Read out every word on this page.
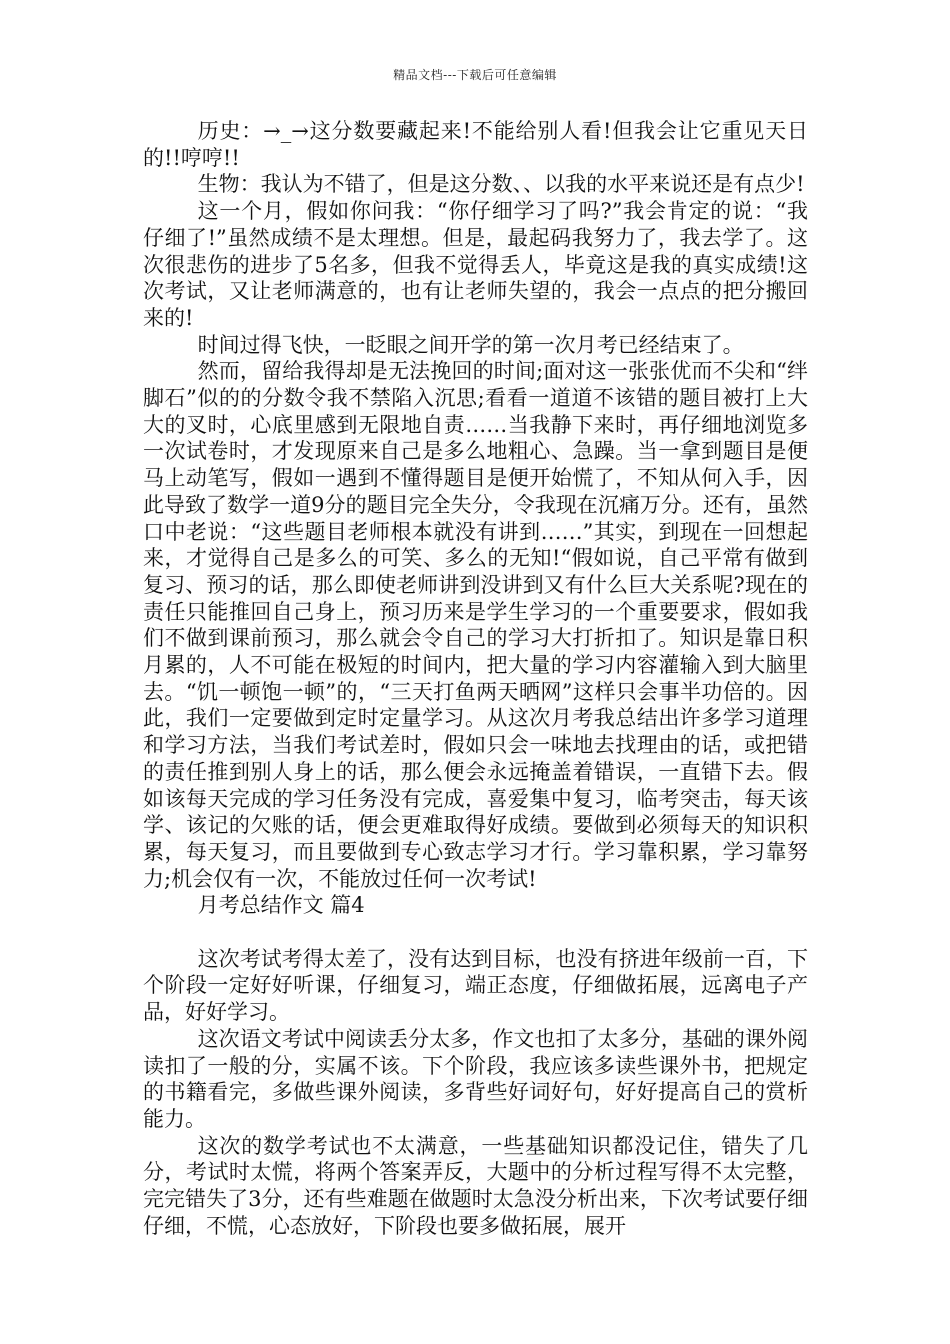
精品文档---下载后可任意编辑

历史：→_→这分数要藏起来!不能给别人看!但我会让它重见天日的!!哼哼!!

生物：我认为不错了，但是这分数、、以我的水平来说还是有点少!

这一个月，假如你问我：“你仔细学习了吗?”我会肯定的说：“我仔细了!”虽然成绩不是太理想。但是，最起码我努力了，我去学了。这次很悲伤的进步了5名多，但我不觉得丢人，毕竟这是我的真实成绩!这次考试，又让老师满意的，也有让老师失望的，我会一点点的把分搬回来的!

时间过得飞快，一眨眼之间开学的第一次月考已经结束了。

然而，留给我得却是无法挽回的时间;面对这一张张优而不尖和“绊脚石”似的的分数令我不禁陷入沉思;看看一道道不该错的题目被打上大大的叉时，心底里感到无限地自责……当我静下来时，再仔细地浏览多一次试卷时，才发现原来自己是多么地粗心、急躁。当一拿到题目是便马上动笔写，假如一遇到不懂得题目是便开始慌了，不知从何入手，因此导致了数学一道9分的题目完全失分，令我现在沉痛万分。还有，虽然口中老说：“这些题目老师根本就没有讲到……”其实，到现在一回想起来，才觉得自己是多么的可笑、多么的无知!“假如说，自己平常有做到复习、预习的话，那么即使老师讲到没讲到又有什么巨大关系呢?现在的责任只能推回自己身上，预习历来是学生学习的一个重要要求，假如我们不做到课前预习，那么就会令自己的学习大打折扣了。知识是靠日积月累的，人不可能在极短的时间内，把大量的学习内容灌输入到大脑里去。“饥一顿饱一顿”的，“三天打鱼两天晒网”这样只会事半功倍的。因此，我们一定要做到定时定量学习。从这次月考我总结出许多学习道理和学习方法，当我们考试差时，假如只会一味地去找理由的话，或把错的责任推到别人身上的话，那么便会永远掩盖着错误，一直错下去。假如该每天完成的学习任务没有完成，喜爱集中复习，临考突击，每天该学、该记的欠账的话，便会更难取得好成绩。要做到必须每天的知识积累，每天复习，而且要做到专心致志学习才行。学习靠积累，学习靠努力;机会仅有一次，不能放过任何一次考试!

月考总结作文 篇4

这次考试考得太差了，没有达到目标，也没有挤进年级前一百，下个阶段一定好好听课，仔细复习，端正态度，仔细做拓展，远离电子产品，好好学习。

这次语文考试中阅读丢分太多，作文也扣了太多分，基础的课外阅读扣了一般的分，实属不该。下个阶段，我应该多读些课外书，把规定的书籍看完，多做些课外阅读，多背些好词好句，好好提高自己的赏析能力。

这次的数学考试也不太满意，一些基础知识都没记住，错失了几分，考试时太慌，将两个答案弄反，大题中的分析过程写得不太完整，完完错失了3分，还有些难题在做题时太急没分析出来，下次考试要仔细仔细，不慌，心态放好，下阶段也要多做拓展，展开
